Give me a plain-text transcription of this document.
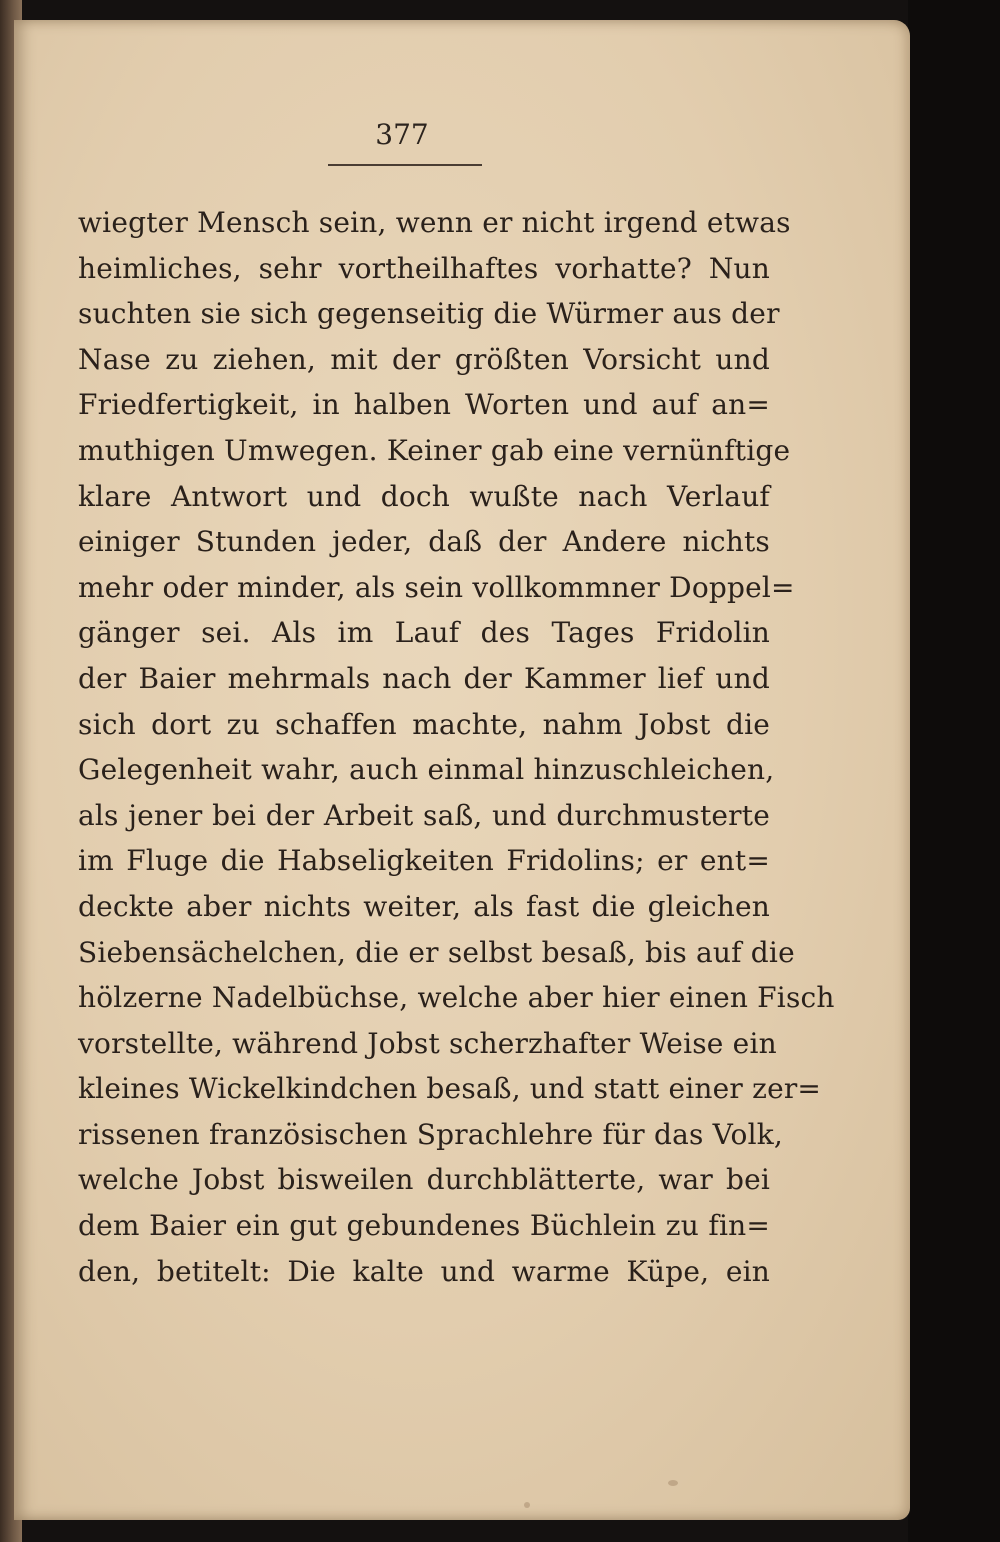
377

wiegter Mensch sein, wenn er nicht irgend etwas
heimliches, sehr vortheilhaftes vorhatte? Nun
suchten sie sich gegenseitig die Würmer aus der
Nase zu ziehen, mit der größten Vorsicht und
Friedfertigkeit, in halben Worten und auf an=
muthigen Umwegen. Keiner gab eine vernünftige
klare Antwort und doch wußte nach Verlauf
einiger Stunden jeder, daß der Andere nichts
mehr oder minder, als sein vollkommner Doppel=
gänger sei. Als im Lauf des Tages Fridolin
der Baier mehrmals nach der Kammer lief und
sich dort zu schaffen machte, nahm Jobst die
Gelegenheit wahr, auch einmal hinzuschleichen,
als jener bei der Arbeit saß, und durchmusterte
im Fluge die Habseligkeiten Fridolins; er ent=
deckte aber nichts weiter, als fast die gleichen
Siebensächelchen, die er selbst besaß, bis auf die
hölzerne Nadelbüchse, welche aber hier einen Fisch
vorstellte, während Jobst scherzhafter Weise ein
kleines Wickelkindchen besaß, und statt einer zer=
rissenen französischen Sprachlehre für das Volk,
welche Jobst bisweilen durchblätterte, war bei
dem Baier ein gut gebundenes Büchlein zu fin=
den, betitelt: Die kalte und warme Küpe, ein
